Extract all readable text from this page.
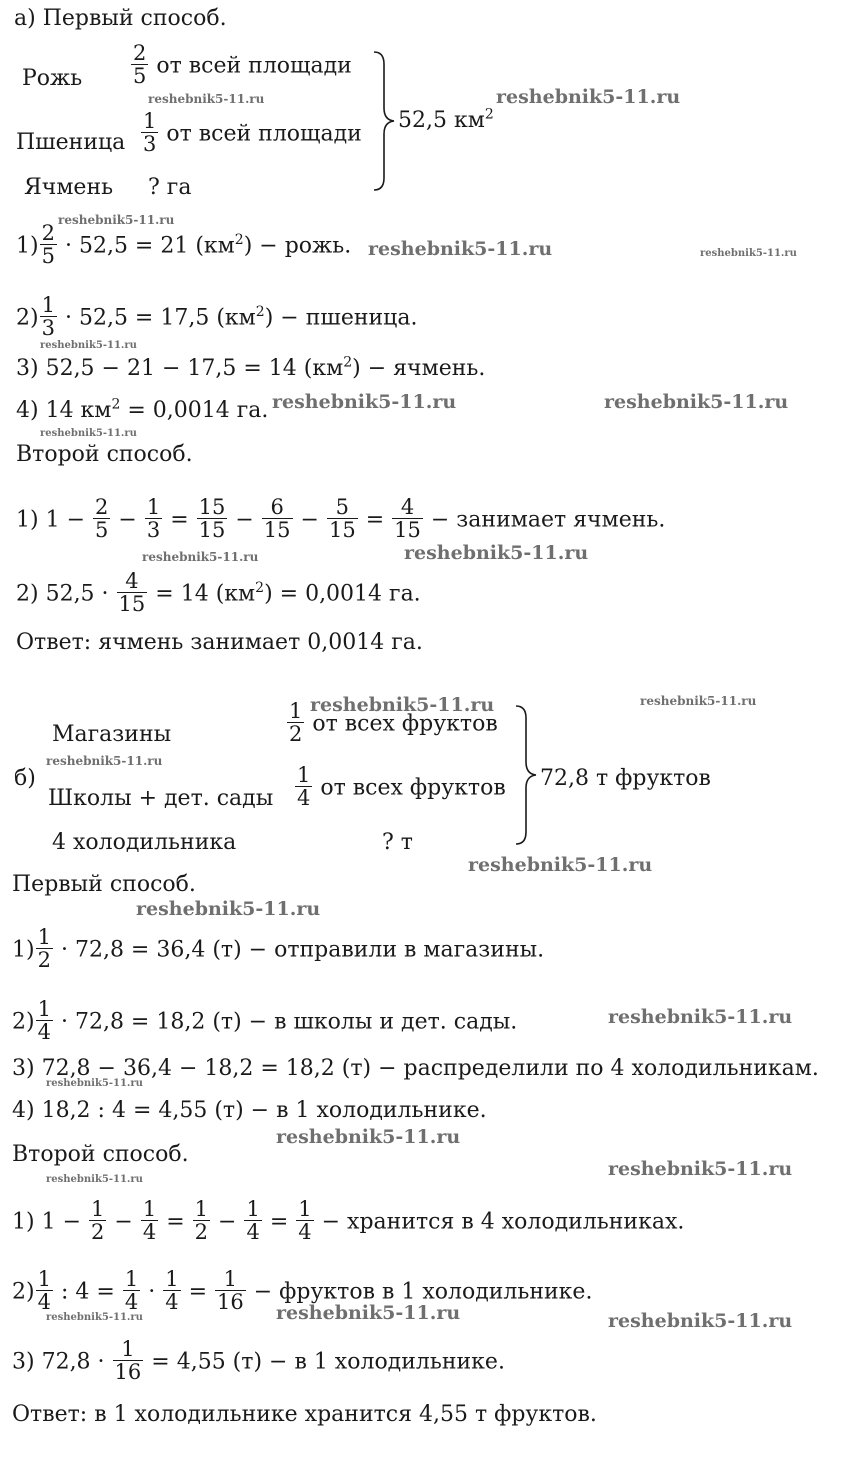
а) Первый способ.
Рожь $\frac{2}{5}$ от всей площади
Пшеница $\frac{1}{3}$ от всей площади
Ячмень ? га
52,5 $км^2$
$1) \frac{2}{5} \cdot 52,5 = 21$ $(км^2)$ − рожь.
$2) \frac{1}{3} \cdot 52,5 = 17,5$ $(км^2)$ − пшеница.
3) 52,5 − 21 − 17,5 = 14 $(км^2)$ − ячмень.
4) 14 $км^2 = 0,0014$ га.
Второй способ.
1) $1 - \frac{2}{5} - \frac{1}{3} = \frac{15}{15} - \frac{6}{15} - \frac{5}{15} = \frac{4}{15}$ − занимает ячмень.
2) $52,5 \cdot \frac{4}{15} = 14$ $(км^2) = 0,0014$ га.
Ответ: ячмень занимает 0,0014 га.
Магазины	$\frac{1}{2}$ от всех фруктов
б)
Школы + дет. сады $\frac{1}{4}$ от всех фруктов
4 холодильника	? т
72,8 т фруктов
Первый способ.
$1) \frac{1}{2} \cdot 72,8 = 36,4$ (т) − отправили в магазины.
$2) \frac{1}{4} \cdot 72,8 = 18,2$ (т) − в школы и дет. сады.
3) 72,8 − 36,4 − 18,2 = 18,2 (т) − распределили по 4 холодильникам.
4) 18,2 : 4 = 4,55 (т) − в 1 холодильнике.
Второй способ.
1) $1 - \frac{1}{2} - \frac{1}{4} = \frac{1}{2} - \frac{1}{4} = \frac{1}{4}$ − хранится в 4 холодильниках.
$2) \frac{1}{4}$ : $4 = \frac{1}{4} \cdot \frac{1}{4} = \frac{1}{16}$ − фруктов в 1 холодильнике.
3) $72,8 \cdot \frac{1}{16} = 4,55$ (т) − в 1 холодильнике.
Ответ: в 1 холодильнике хранится 4,55 т фруктов.
reshebnik5-11.ru	reshebnik5-11.ru
reshebnik5-11.ru
reshebnik5-11.ru	reshebnik5-11.ru
reshebnik5-11.ru
reshebnik5-11.ru	reshebnik5-11.ru
reshebnik5-11.ru
reshebnik5-11.ru
reshebnik5-11.ru
reshebnik5-11.ru	reshebnik5-11.ru
reshebnik5-11.ru
reshebnik5-11.ru
reshebnik5-11.ru
reshebnik5-11.ru
reshebnik5-11.ru
reshebnik5-11.ru
reshebnik5-11.ru
reshebnik5-11.ru
reshebnik5-11.ru	reshebnik5-11.ru
reshebnik5-11.ru
